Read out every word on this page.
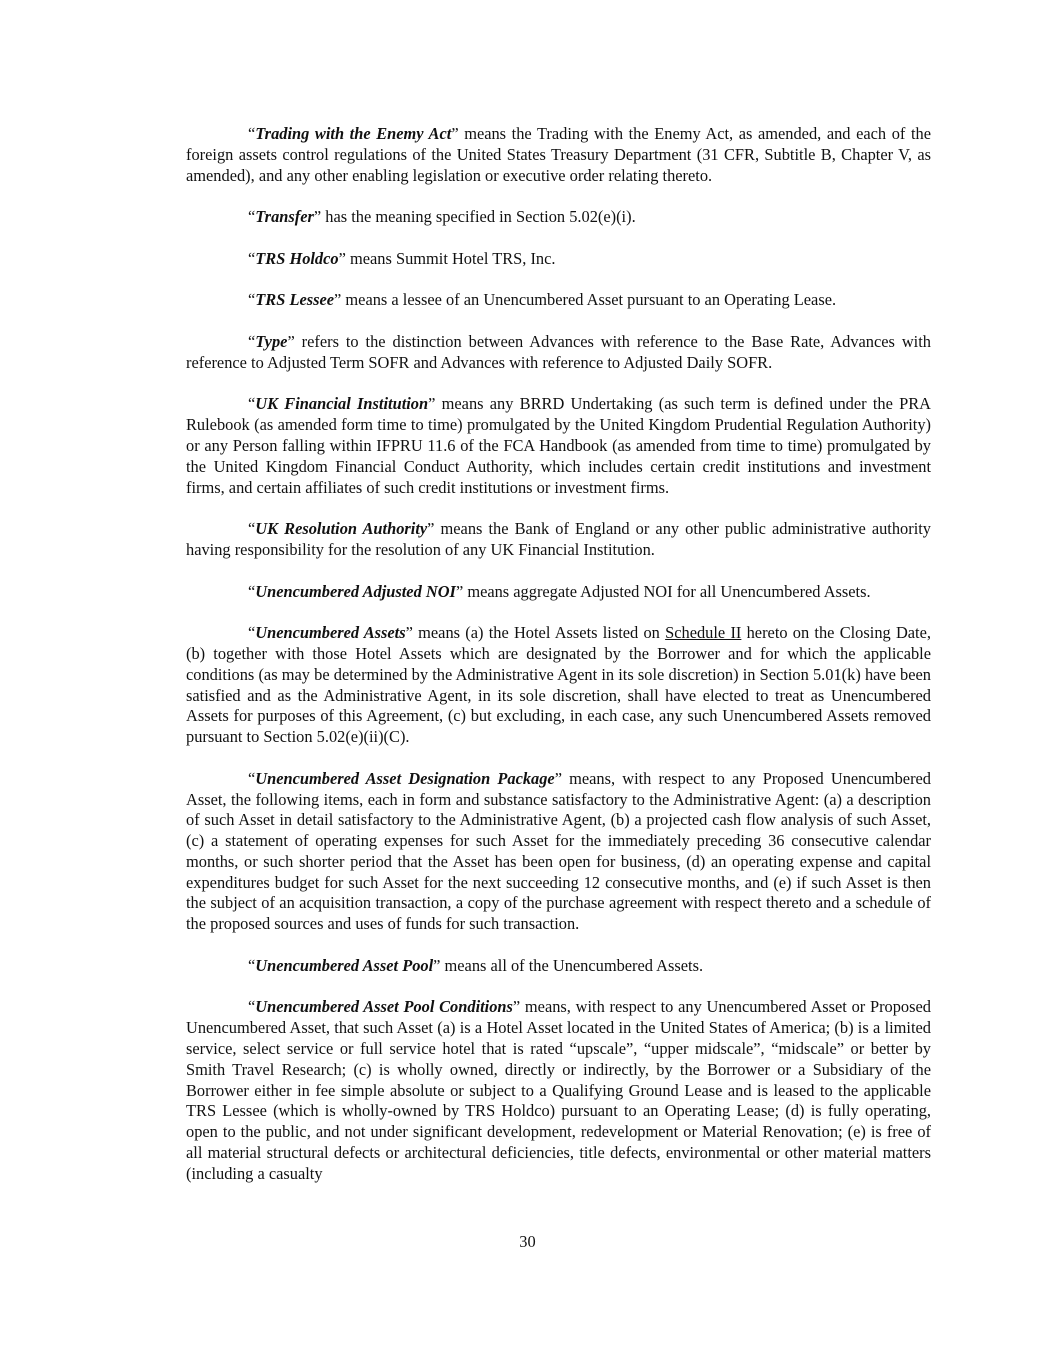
“Trading with the Enemy Act” means the Trading with the Enemy Act, as amended, and each of the foreign assets control regulations of the United States Treasury Department (31 CFR, Subtitle B, Chapter V, as amended), and any other enabling legislation or executive order relating thereto.

“Transfer” has the meaning specified in Section 5.02(e)(i).

“TRS Holdco” means Summit Hotel TRS, Inc.

“TRS Lessee” means a lessee of an Unencumbered Asset pursuant to an Operating Lease.

“Type” refers to the distinction between Advances with reference to the Base Rate, Advances with reference to Adjusted Term SOFR and Advances with reference to Adjusted Daily SOFR.

“UK Financial Institution” means any BRRD Undertaking (as such term is defined under the PRA Rulebook (as amended form time to time) promulgated by the United Kingdom Prudential Regulation Authority) or any Person falling within IFPRU 11.6 of the FCA Handbook (as amended from time to time) promulgated by the United Kingdom Financial Conduct Authority, which includes certain credit institutions and investment firms, and certain affiliates of such credit institutions or investment firms.

“UK Resolution Authority” means the Bank of England or any other public administrative authority having responsibility for the resolution of any UK Financial Institution.

“Unencumbered Adjusted NOI” means aggregate Adjusted NOI for all Unencumbered Assets.

“Unencumbered Assets” means (a) the Hotel Assets listed on Schedule II hereto on the Closing Date, (b) together with those Hotel Assets which are designated by the Borrower and for which the applicable conditions (as may be determined by the Administrative Agent in its sole discretion) in Section 5.01(k) have been satisfied and as the Administrative Agent, in its sole discretion, shall have elected to treat as Unencumbered Assets for purposes of this Agreement, (c) but excluding, in each case, any such Unencumbered Assets removed pursuant to Section 5.02(e)(ii)(C).

“Unencumbered Asset Designation Package” means, with respect to any Proposed Unencumbered Asset, the following items, each in form and substance satisfactory to the Administrative Agent: (a) a description of such Asset in detail satisfactory to the Administrative Agent, (b) a projected cash flow analysis of such Asset, (c) a statement of operating expenses for such Asset for the immediately preceding 36 consecutive calendar months, or such shorter period that the Asset has been open for business, (d) an operating expense and capital expenditures budget for such Asset for the next succeeding 12 consecutive months, and (e) if such Asset is then the subject of an acquisition transaction, a copy of the purchase agreement with respect thereto and a schedule of the proposed sources and uses of funds for such transaction.

“Unencumbered Asset Pool” means all of the Unencumbered Assets.

“Unencumbered Asset Pool Conditions” means, with respect to any Unencumbered Asset or Proposed Unencumbered Asset, that such Asset (a) is a Hotel Asset located in the United States of America; (b) is a limited service, select service or full service hotel that is rated “upscale”, “upper midscale”, “midscale” or better by Smith Travel Research; (c) is wholly owned, directly or indirectly, by the Borrower or a Subsidiary of the Borrower either in fee simple absolute or subject to a Qualifying Ground Lease and is leased to the applicable TRS Lessee (which is wholly-owned by TRS Holdco) pursuant to an Operating Lease; (d) is fully operating, open to the public, and not under significant development, redevelopment or Material Renovation; (e) is free of all material structural defects or architectural deficiencies, title defects, environmental or other material matters (including a casualty

30
